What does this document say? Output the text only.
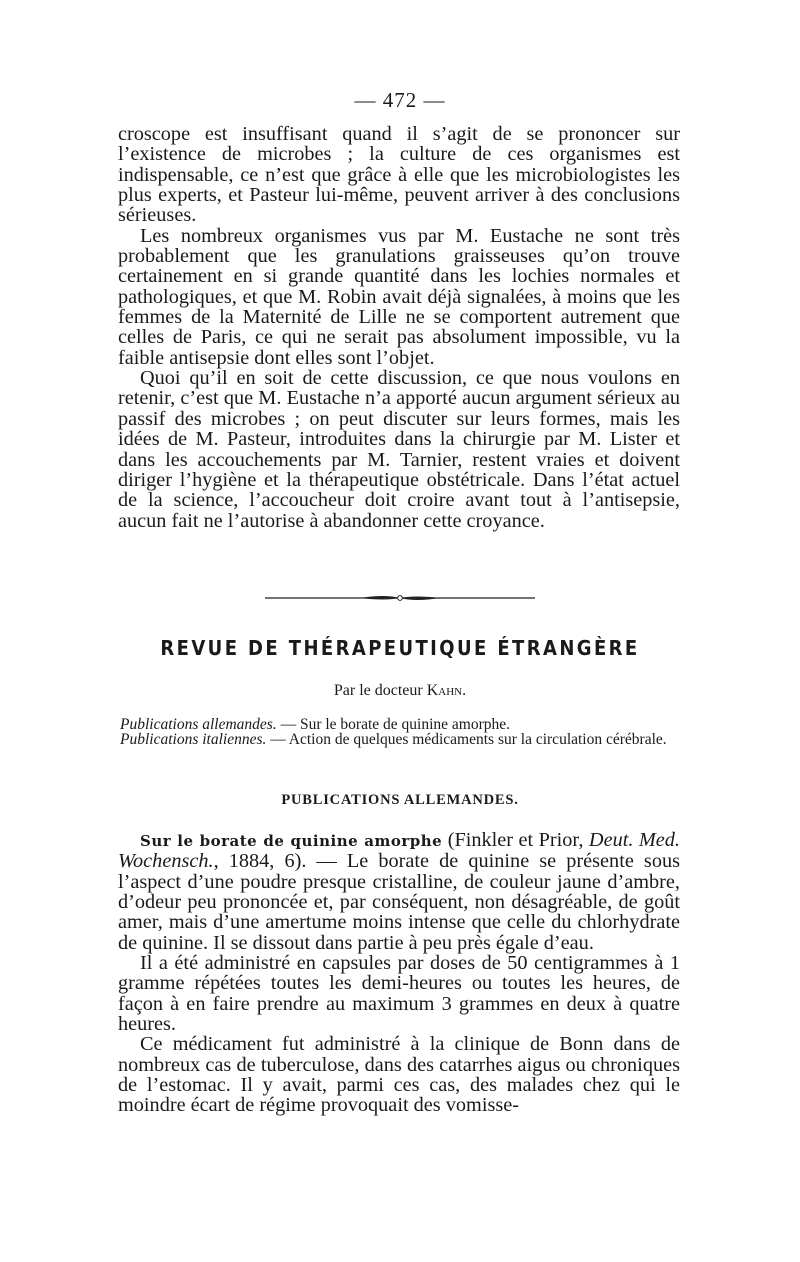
— 472 —

croscope est insuffisant quand il s’agit de se prononcer sur l’existence de microbes ; la culture de ces organismes est indispensable, ce n’est que grâce à elle que les microbiologistes les plus experts, et Pasteur lui-même, peuvent arriver à des conclusions sérieuses.

Les nombreux organismes vus par M. Eustache ne sont très probablement que les granulations graisseuses qu’on trouve certainement en si grande quantité dans les lochies normales et pathologiques, et que M. Robin avait déjà signalées, à moins que les femmes de la Maternité de Lille ne se comportent autrement que celles de Paris, ce qui ne serait pas absolument impossible, vu la faible antisepsie dont elles sont l’objet.

Quoi qu’il en soit de cette discussion, ce que nous voulons en retenir, c’est que M. Eustache n’a apporté aucun argument sérieux au passif des microbes ; on peut discuter sur leurs formes, mais les idées de M. Pasteur, introduites dans la chirurgie par M. Lister et dans les accouchements par M. Tarnier, restent vraies et doivent diriger l’hygiène et la thérapeutique obstétricale. Dans l’état actuel de la science, l’accoucheur doit croire avant tout à l’antisepsie, aucun fait ne l’autorise à abandonner cette croyance.

REVUE DE THÉRAPEUTIQUE ÉTRANGÈRE
Par le docteur Kahn.

Publications allemandes. — Sur le borate de quinine amorphe.

Publications italiennes. — Action de quelques médicaments sur la circulation cérébrale.

PUBLICATIONS ALLEMANDES.

Sur le borate de quinine amorphe (Finkler et Prior, Deut. Med. Wochensch., 1884, 6). — Le borate de quinine se présente sous l’aspect d’une poudre presque cristalline, de couleur jaune d’ambre, d’odeur peu prononcée et, par conséquent, non désagréable, de goût amer, mais d’une amertume moins intense que celle du chlorhydrate de quinine. Il se dissout dans partie à peu près égale d’eau.

Il a été administré en capsules par doses de 50 centigrammes à 1 gramme répétées toutes les demi-heures ou toutes les heures, de façon à en faire prendre au maximum 3 grammes en deux à quatre heures.

Ce médicament fut administré à la clinique de Bonn dans de nombreux cas de tuberculose, dans des catarrhes aigus ou chroniques de l’estomac. Il y avait, parmi ces cas, des malades chez qui le moindre écart de régime provoquait des vomisse-
